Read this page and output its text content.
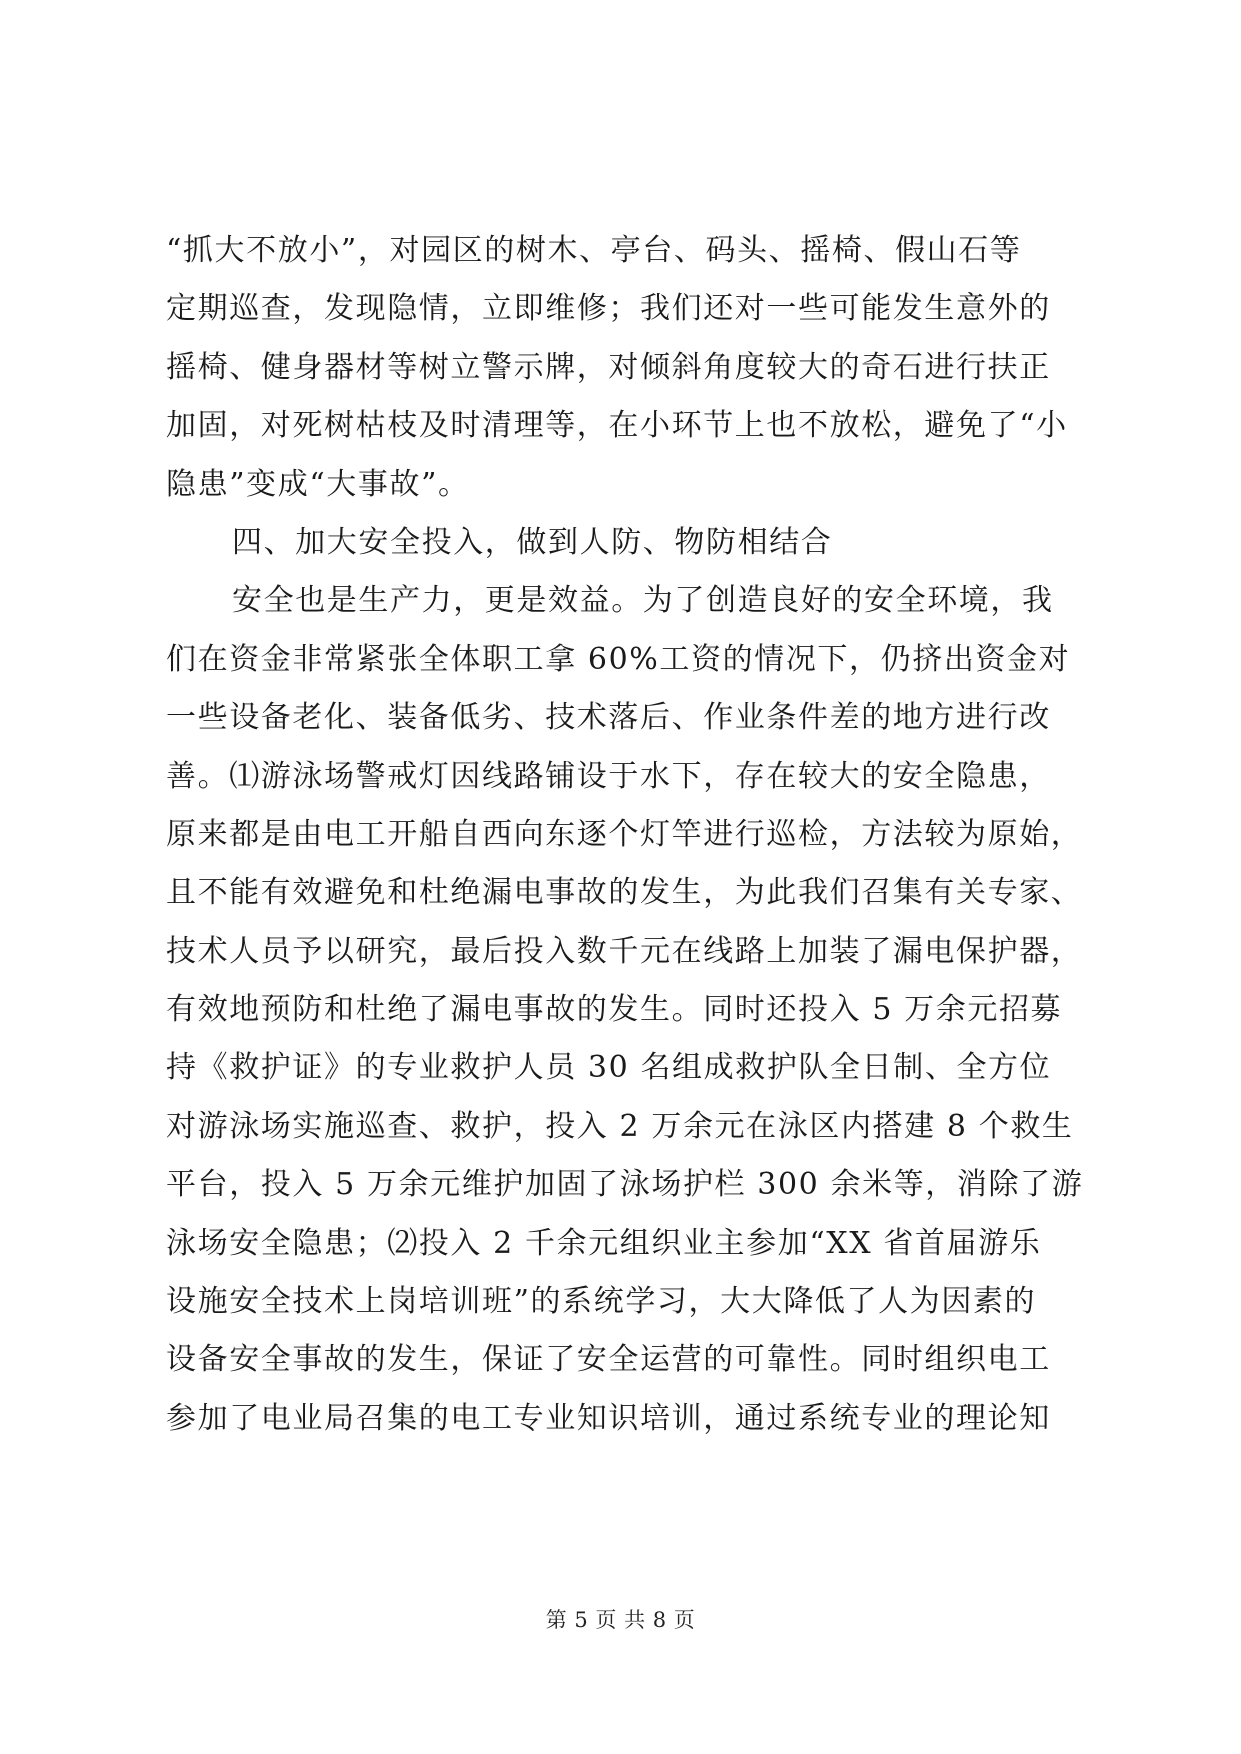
“抓大不放小”，对园区的树木、亭台、码头、摇椅、假山石等
定期巡查，发现隐情，立即维修；我们还对一些可能发生意外的
摇椅、健身器材等树立警示牌，对倾斜角度较大的奇石进行扶正
加固，对死树枯枝及时清理等，在小环节上也不放松，避免了“小
隐患”变成“大事故”。
四、加大安全投入，做到人防、物防相结合
安全也是生产力，更是效益。为了创造良好的安全环境，我
们在资金非常紧张全体职工拿 60%工资的情况下，仍挤出资金对
一些设备老化、装备低劣、技术落后、作业条件差的地方进行改
善。⑴游泳场警戒灯因线路铺设于水下，存在较大的安全隐患，
原来都是由电工开船自西向东逐个灯竿进行巡检，方法较为原始，
且不能有效避免和杜绝漏电事故的发生，为此我们召集有关专家、
技术人员予以研究，最后投入数千元在线路上加装了漏电保护器，
有效地预防和杜绝了漏电事故的发生。同时还投入 5 万余元招募
持《救护证》的专业救护人员 30 名组成救护队全日制、全方位
对游泳场实施巡查、救护，投入 2 万余元在泳区内搭建 8 个救生
平台，投入 5 万余元维护加固了泳场护栏 300 余米等，消除了游
泳场安全隐患；⑵投入 2 千余元组织业主参加“XX 省首届游乐
设施安全技术上岗培训班”的系统学习，大大降低了人为因素的
设备安全事故的发生，保证了安全运营的可靠性。同时组织电工
参加了电业局召集的电工专业知识培训，通过系统专业的理论知
第 5 页 共 8 页
